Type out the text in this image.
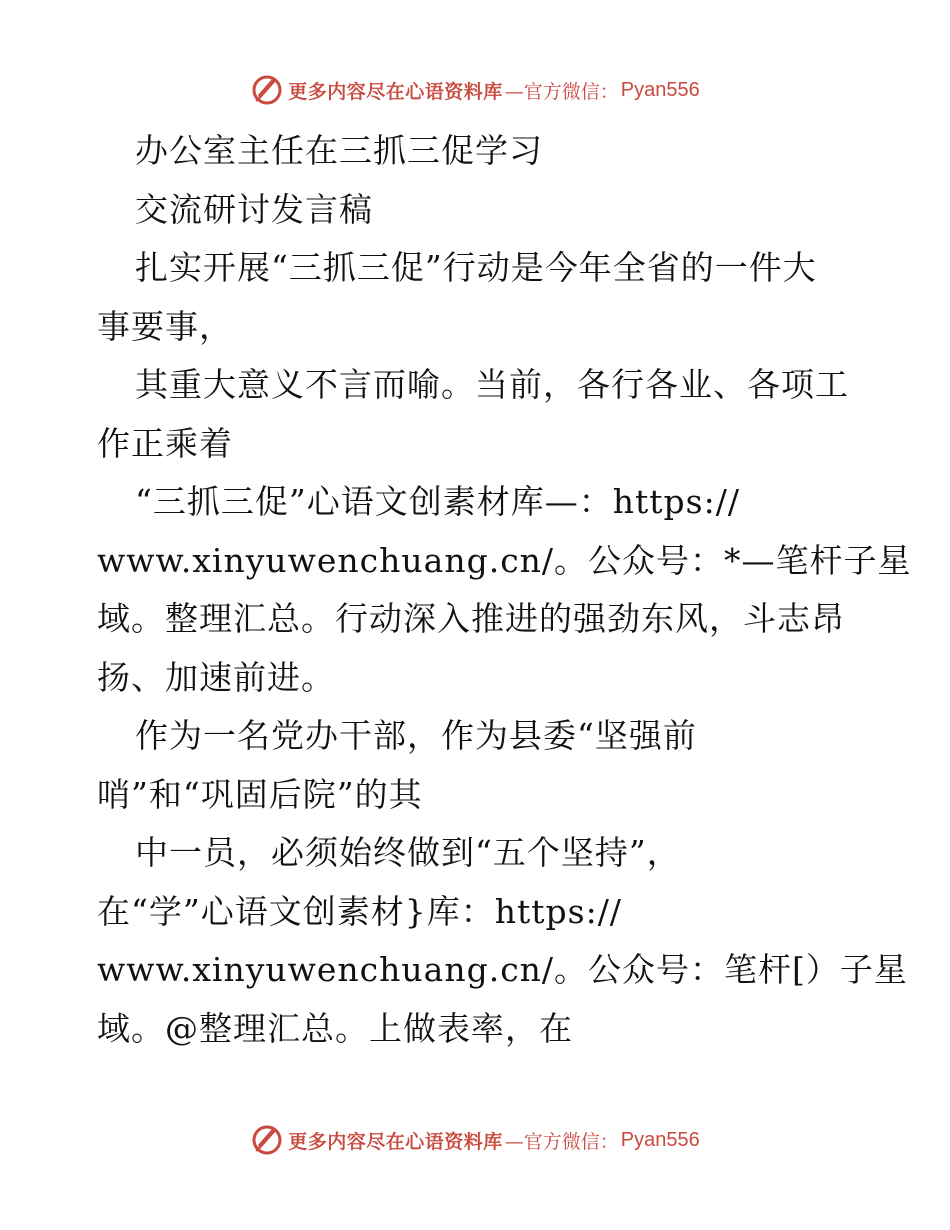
更多内容尽在心语资料库 —官方微信： Pyan556
办公室主任在三抓三促学习
交流研讨发言稿
扎实开展“三抓三促”行动是今年全省的一件大
事要事，
其重大意义不言而喻。当前，各行各业、各项工
作正乘着
“三抓三促”心语文创素材库—：https://
www.xinyuwenchuang.cn/。公众号：*—笔杆子星
域。整理汇总。行动深入推进的强劲东风，斗志昂
扬、加速前进。
作为一名党办干部，作为县委“坚强前
哨”和“巩固后院”的其
中一员，必须始终做到“五个坚持”，
在“学”心语文创素材}库：https://
www.xinyuwenchuang.cn/。公众号：笔杆[）子星
域。@整理汇总。上做表率，在
更多内容尽在心语资料库 —官方微信： Pyan556
